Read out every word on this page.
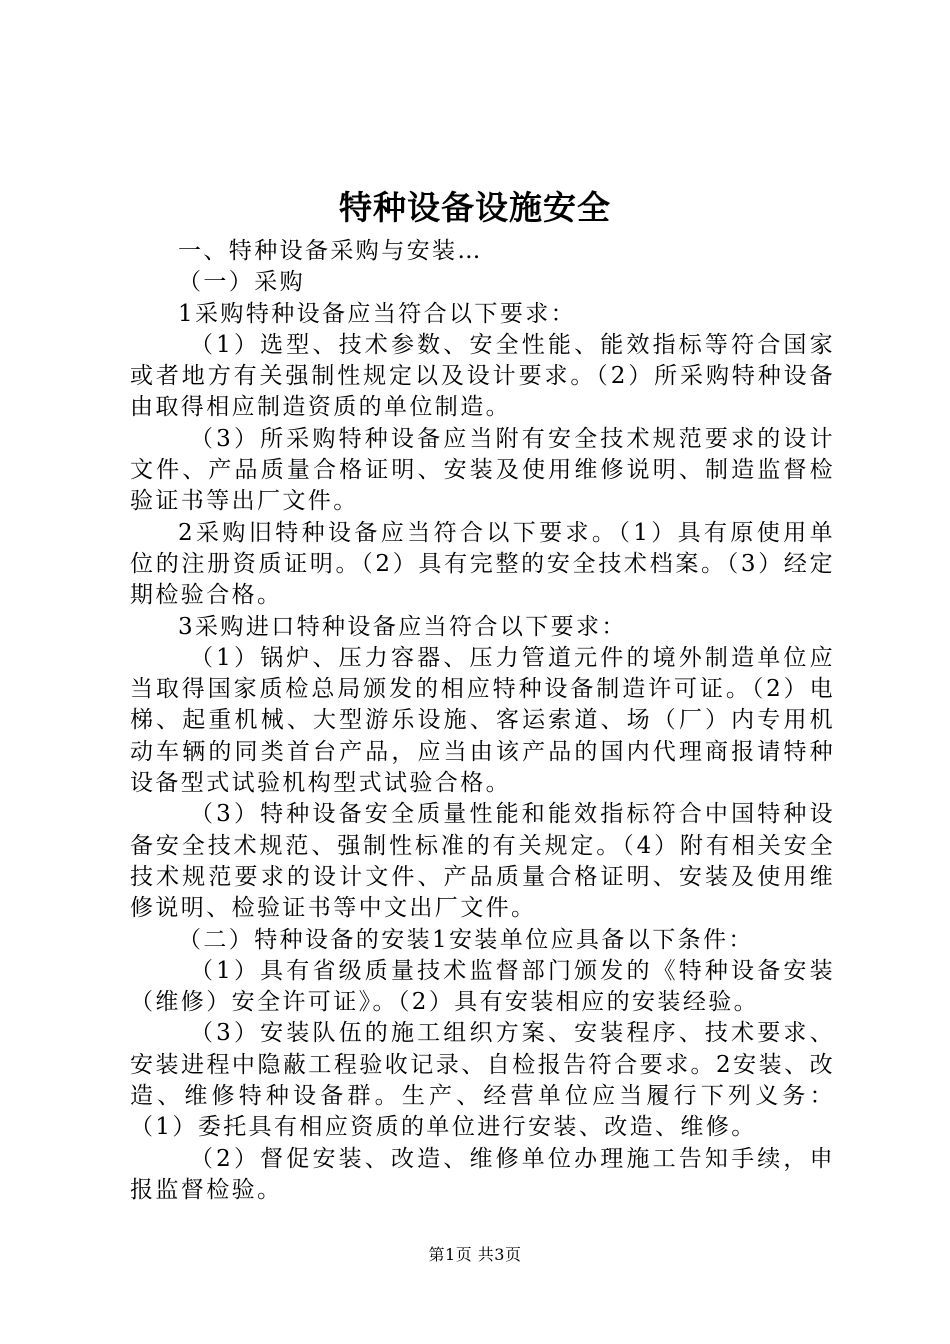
特种设备设施安全

一、特种设备采购与安装…

（一）采购

1采购特种设备应当符合以下要求：

（1）选型、技术参数、安全性能、能效指标等符合国家或者地方有关强制性规定以及设计要求。（2）所采购特种设备由取得相应制造资质的单位制造。

（3）所采购特种设备应当附有安全技术规范要求的设计文件、产品质量合格证明、安装及使用维修说明、制造监督检验证书等出厂文件。

2采购旧特种设备应当符合以下要求。（1）具有原使用单位的注册资质证明。（2）具有完整的安全技术档案。（3）经定期检验合格。

3采购进口特种设备应当符合以下要求：

（1）锅炉、压力容器、压力管道元件的境外制造单位应当取得国家质检总局颁发的相应特种设备制造许可证。（2）电梯、起重机械、大型游乐设施、客运索道、场（厂）内专用机动车辆的同类首台产品，应当由该产品的国内代理商报请特种设备型式试验机构型式试验合格。

（3）特种设备安全质量性能和能效指标符合中国特种设备安全技术规范、强制性标准的有关规定。（4）附有相关安全技术规范要求的设计文件、产品质量合格证明、安装及使用维修说明、检验证书等中文出厂文件。

（二）特种设备的安装1安装单位应具备以下条件：

（1）具有省级质量技术监督部门颁发的《特种设备安装（维修）安全许可证》。（2）具有安装相应的安装经验。

（3）安装队伍的施工组织方案、安装程序、技术要求、安装进程中隐蔽工程验收记录、自检报告符合要求。2安装、改造、维修特种设备群。生产、经营单位应当履行下列义务：（1）委托具有相应资质的单位进行安装、改造、维修。

（2）督促安装、改造、维修单位办理施工告知手续，申报监督检验。

第1页 共3页
